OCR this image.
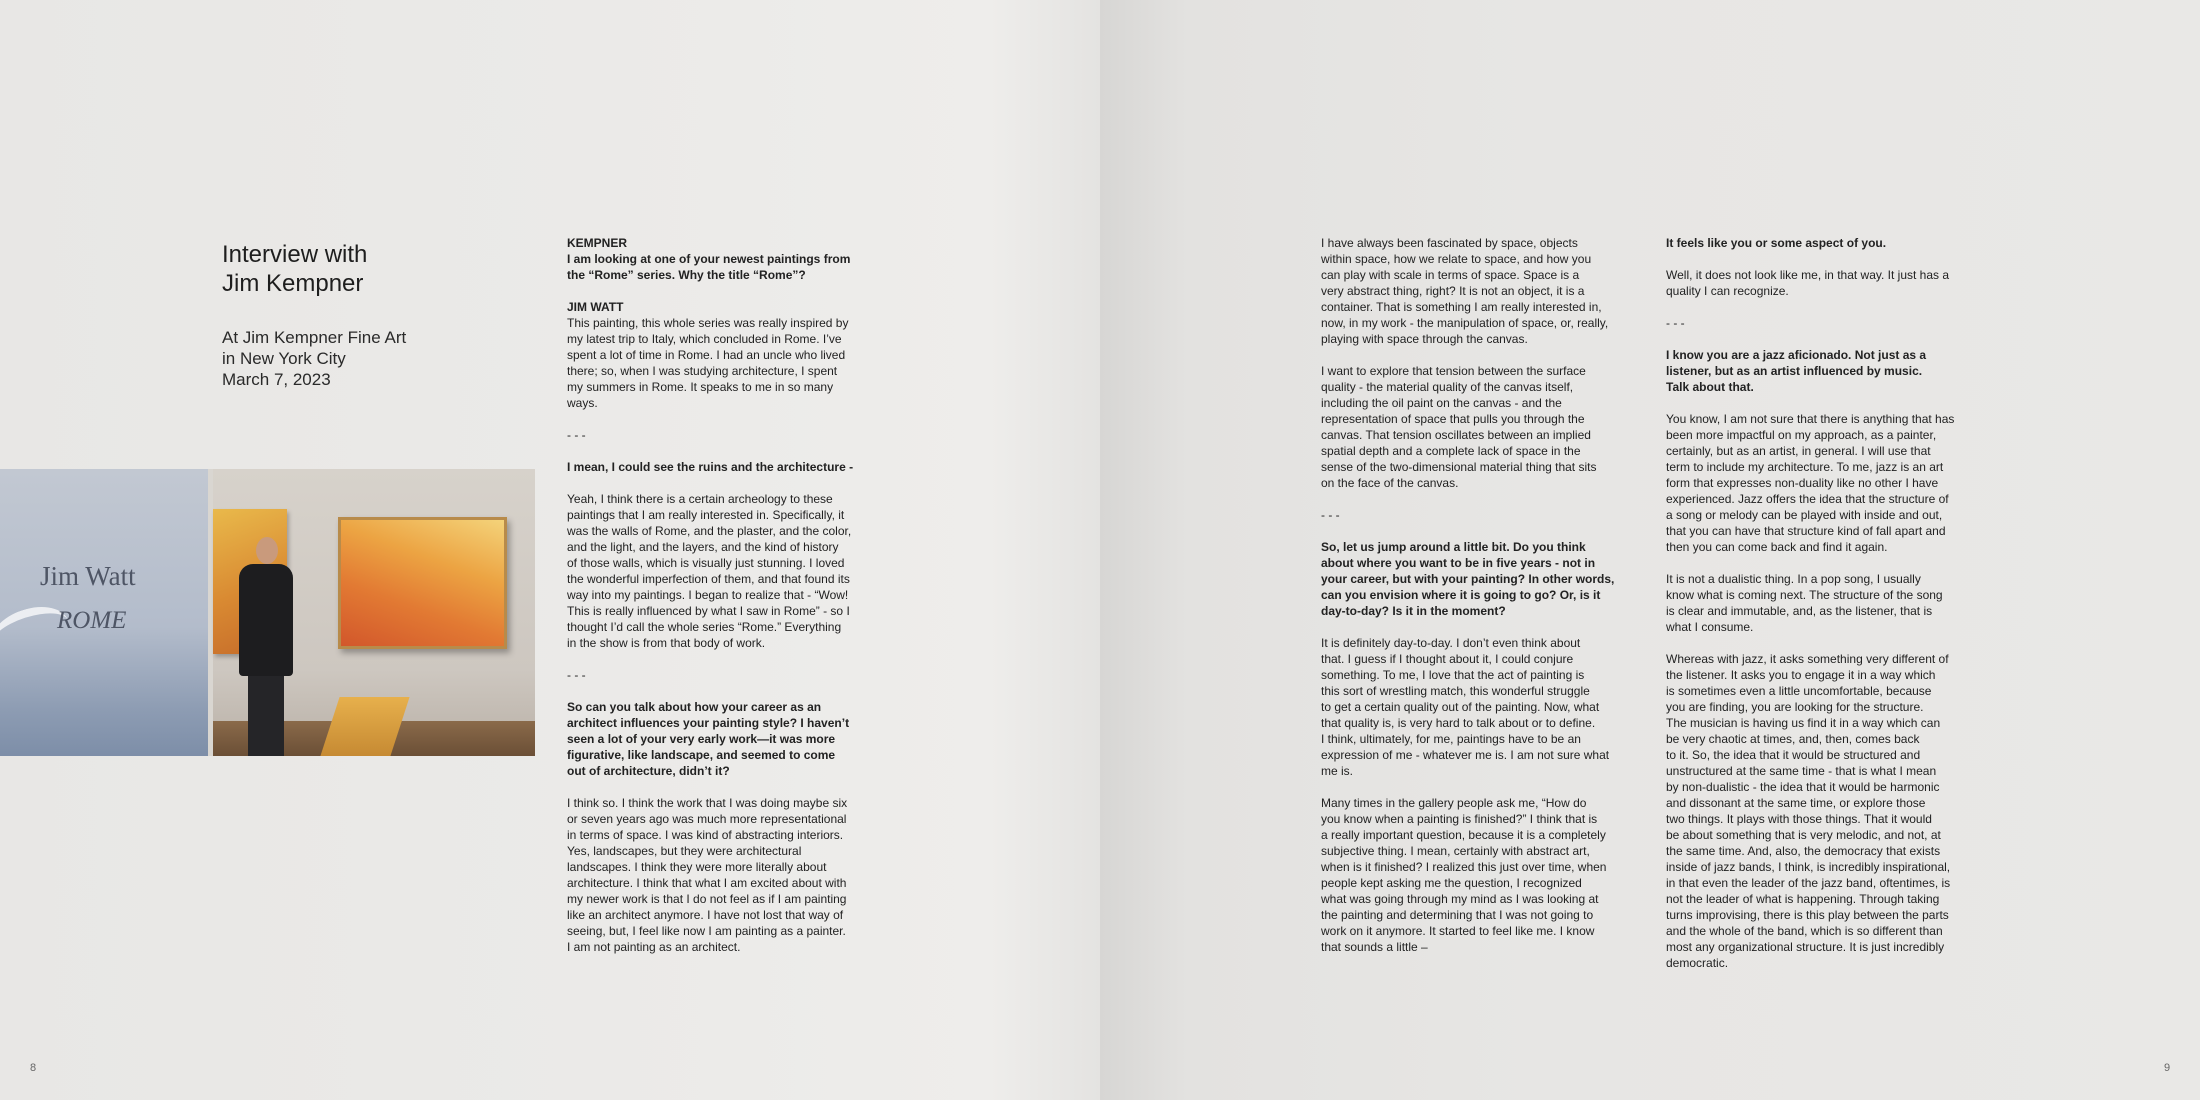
Interview with
Jim Kempner
At Jim Kempner Fine Art
in New York City
March 7, 2023
Jim Watt
ROME

KEMPNER
I am looking at one of your newest paintings from
the “Rome” series. Why the title “Rome”?

JIM WATT
This painting, this whole series was really inspired by
my latest trip to Italy, which concluded in Rome. I’ve
spent a lot of time in Rome. I had an uncle who lived
there; so, when I was studying architecture, I spent
my summers in Rome. It speaks to me in so many
ways.

- - -

I mean, I could see the ruins and the architecture -

Yeah, I think there is a certain archeology to these
paintings that I am really interested in. Specifically, it
was the walls of Rome, and the plaster, and the color,
and the light, and the layers, and the kind of history
of those walls, which is visually just stunning. I loved
the wonderful imperfection of them, and that found its
way into my paintings. I began to realize that - “Wow!
This is really influenced by what I saw in Rome” - so I
thought I’d call the whole series “Rome.” Everything
in the show is from that body of work.

- - -

So can you talk about how your career as an
architect influences your painting style? I haven’t
seen a lot of your very early work—it was more
figurative, like landscape, and seemed to come
out of architecture, didn’t it?

I think so. I think the work that I was doing maybe six
or seven years ago was much more representational
in terms of space. I was kind of abstracting interiors.
Yes, landscapes, but they were architectural
landscapes. I think they were more literally about
architecture. I think that what I am excited about with
my newer work is that I do not feel as if I am painting
like an architect anymore. I have not lost that way of
seeing, but, I feel like now I am painting as a painter.
I am not painting as an architect.

8	9

I have always been fascinated by space, objects
within space, how we relate to space, and how you
can play with scale in terms of space. Space is a
very abstract thing, right? It is not an object, it is a
container. That is something I am really interested in,
now, in my work - the manipulation of space, or, really,
playing with space through the canvas.

I want to explore that tension between the surface
quality - the material quality of the canvas itself,
including the oil paint on the canvas - and the
representation of space that pulls you through the
canvas. That tension oscillates between an implied
spatial depth and a complete lack of space in the
sense of the two-dimensional material thing that sits
on the face of the canvas.

- - -

So, let us jump around a little bit. Do you think
about where you want to be in five years - not in
your career, but with your painting? In other words,
can you envision where it is going to go? Or, is it
day-to-day? Is it in the moment?

It is definitely day-to-day. I don’t even think about
that. I guess if I thought about it, I could conjure
something. To me, I love that the act of painting is
this sort of wrestling match, this wonderful struggle
to get a certain quality out of the painting. Now, what
that quality is, is very hard to talk about or to define.
I think, ultimately, for me, paintings have to be an
expression of me - whatever me is. I am not sure what
me is.

Many times in the gallery people ask me, “How do
you know when a painting is finished?” I think that is
a really important question, because it is a completely
subjective thing. I mean, certainly with abstract art,
when is it finished? I realized this just over time, when
people kept asking me the question, I recognized
what was going through my mind as I was looking at
the painting and determining that I was not going to
work on it anymore. It started to feel like me. I know
that sounds a little –

It feels like you or some aspect of you.

Well, it does not look like me, in that way. It just has a
quality I can recognize.

- - -

I know you are a jazz aficionado. Not just as a
listener, but as an artist influenced by music.
Talk about that.

You know, I am not sure that there is anything that has
been more impactful on my approach, as a painter,
certainly, but as an artist, in general. I will use that
term to include my architecture. To me, jazz is an art
form that expresses non-duality like no other I have
experienced. Jazz offers the idea that the structure of
a song or melody can be played with inside and out,
that you can have that structure kind of fall apart and
then you can come back and find it again.

It is not a dualistic thing. In a pop song, I usually
know what is coming next. The structure of the song
is clear and immutable, and, as the listener, that is
what I consume.

Whereas with jazz, it asks something very different of
the listener. It asks you to engage it in a way which
is sometimes even a little uncomfortable, because
you are finding, you are looking for the structure.
The musician is having us find it in a way which can
be very chaotic at times, and, then, comes back
to it. So, the idea that it would be structured and
unstructured at the same time - that is what I mean
by non-dualistic - the idea that it would be harmonic
and dissonant at the same time, or explore those
two things. It plays with those things. That it would
be about something that is very melodic, and not, at
the same time. And, also, the democracy that exists
inside of jazz bands, I think, is incredibly inspirational,
in that even the leader of the jazz band, oftentimes, is
not the leader of what is happening. Through taking
turns improvising, there is this play between the parts
and the whole of the band, which is so different than
most any organizational structure. It is just incredibly
democratic.
